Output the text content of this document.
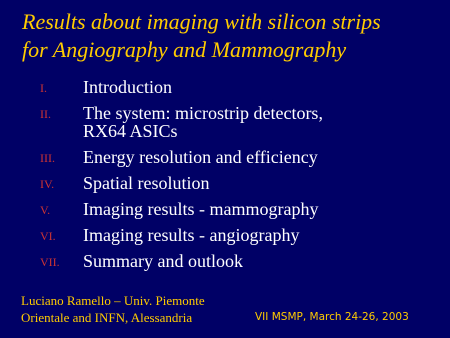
Results about imaging with silicon strips
for Angiography and Mammography
I. Introduction
II. The system: microstrip detectors,
RX64 ASICs
III. Energy resolution and efficiency
IV. Spatial resolution
V. Imaging results - mammography
VI. Imaging results - angiography
VII. Summary and outlook
Luciano Ramello – Univ. Piemonte
Orientale and INFN, Alessandria	VII MSMP, March 24-26, 2003
